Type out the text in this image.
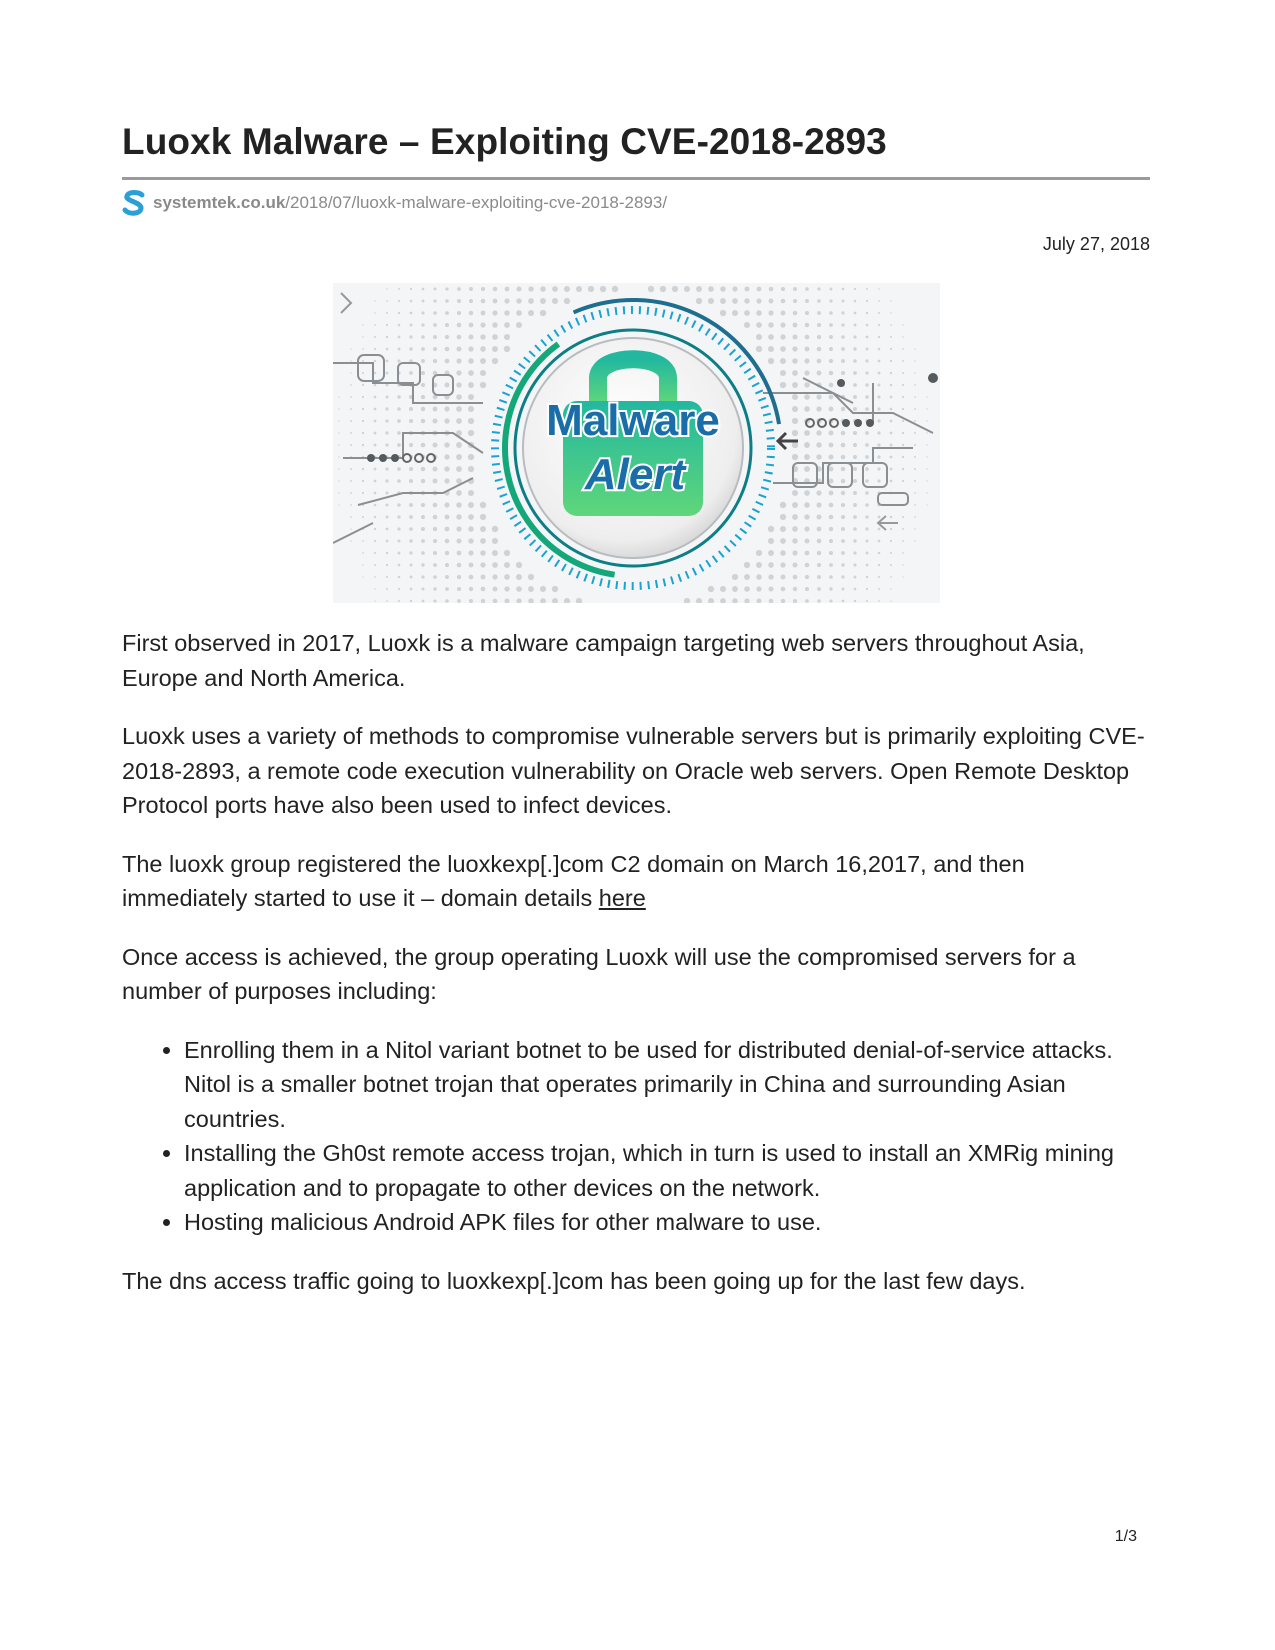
Luoxk Malware – Exploiting CVE-2018-2893
systemtek.co.uk /2018/07/luoxk-malware-exploiting-cve-2018-2893/
July 27, 2018
Malware
Alert

First observed in 2017, Luoxk is a malware campaign targeting web servers throughout Asia, Europe and North America.

Luoxk uses a variety of methods to compromise vulnerable servers but is primarily exploiting CVE-2018-2893, a remote code execution vulnerability on Oracle web servers. Open Remote Desktop Protocol ports have also been used to infect devices.

The luoxk group registered the luoxkexp[.]com C2 domain on March 16,2017, and then immediately started to use it – domain details here

Once access is achieved, the group operating Luoxk will use the compromised servers for a number of purposes including:

• Enrolling them in a Nitol variant botnet to be used for distributed denial-of-service attacks. Nitol is a smaller botnet trojan that operates primarily in China and surrounding Asian countries.
• Installing the Gh0st remote access trojan, which in turn is used to install an XMRig mining application and to propagate to other devices on the network.
• Hosting malicious Android APK files for other malware to use.

The dns access traffic going to luoxkexp[.]com has been going up for the last few days.

1/3
